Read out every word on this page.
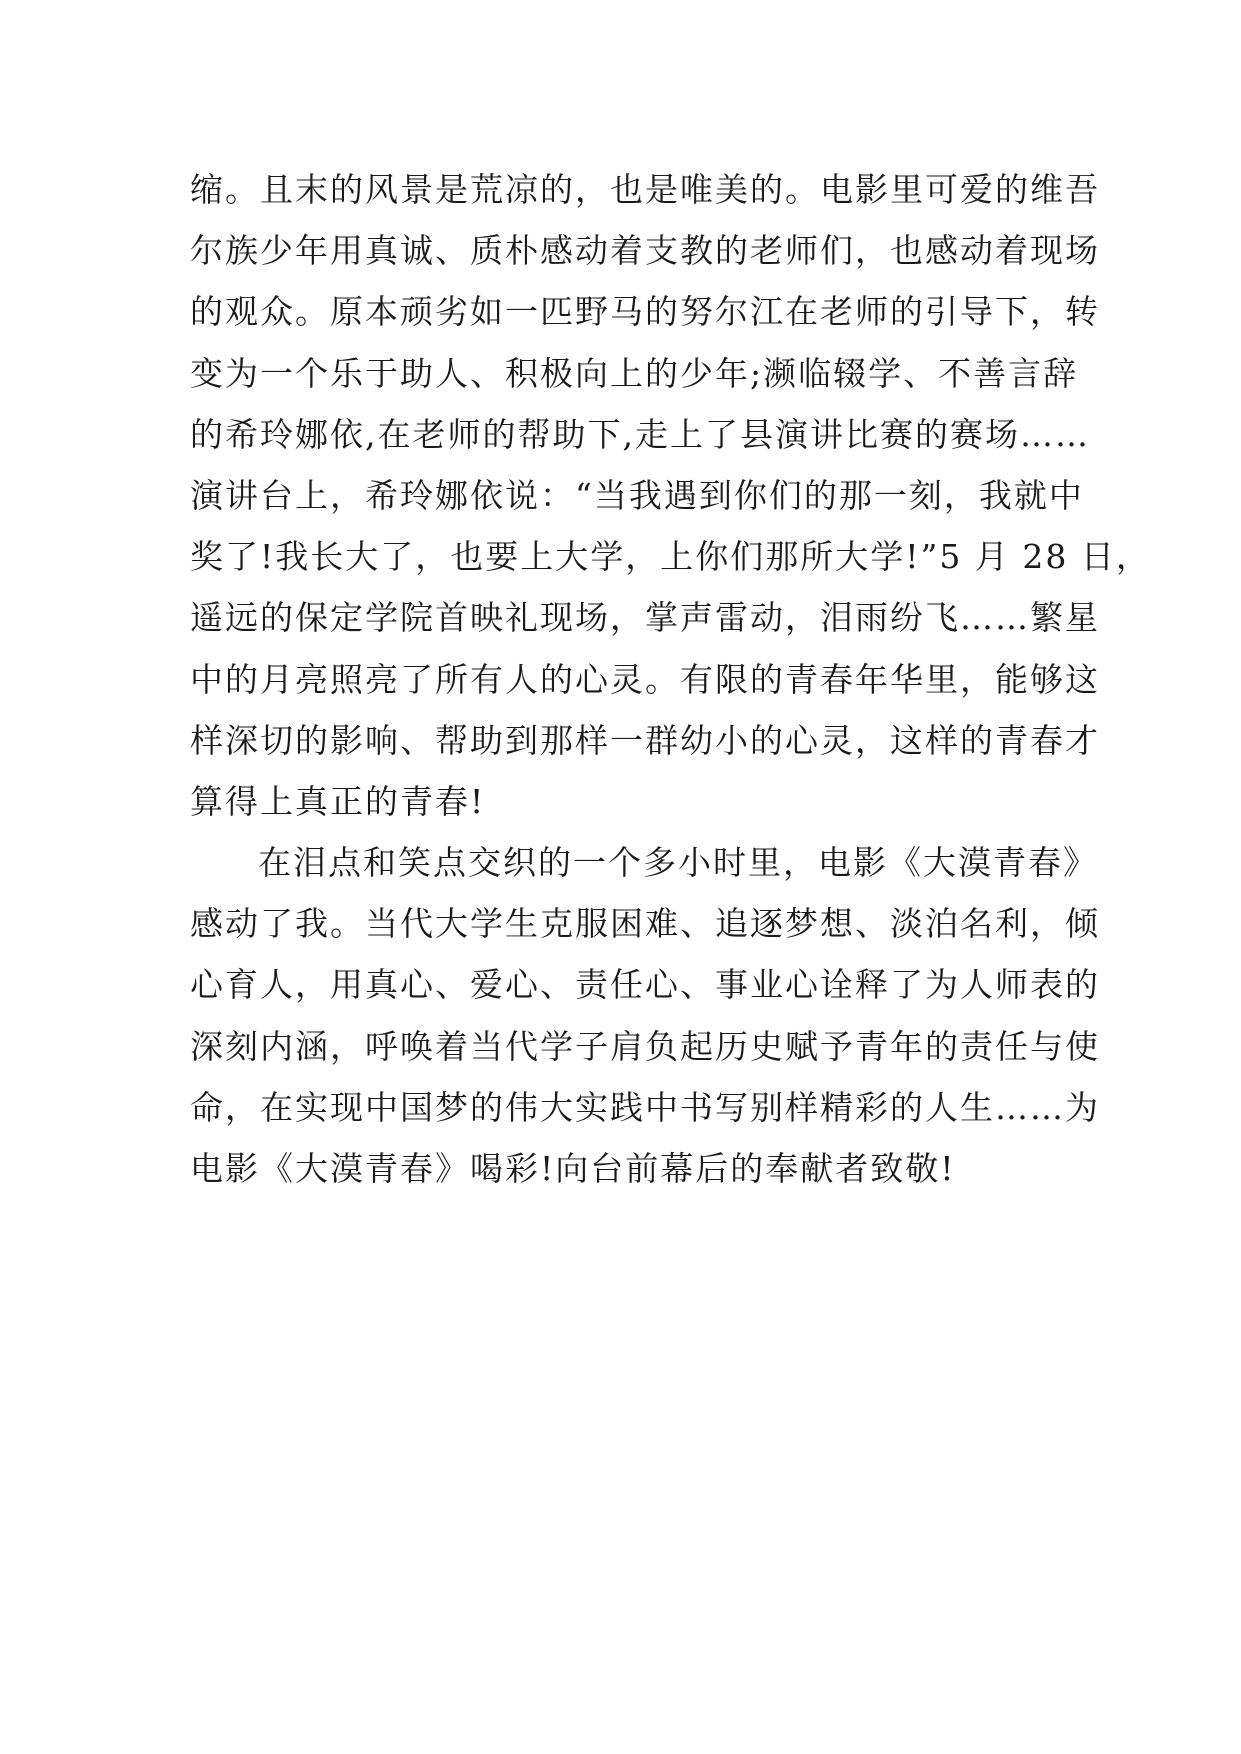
缩。且末的风景是荒凉的，也是唯美的。电影里可爱的维吾
尔族少年用真诚、质朴感动着支教的老师们，也感动着现场
的观众。原本顽劣如一匹野马的努尔江在老师的引导下，转
变为一个乐于助人、积极向上的少年;濒临辍学、不善言辞
的希玲娜依,在老师的帮助下,走上了县演讲比赛的赛场……
演讲台上，希玲娜依说：“当我遇到你们的那一刻，我就中
奖了!我长大了，也要上大学，上你们那所大学!”5 月 28 日，
遥远的保定学院首映礼现场，掌声雷动，泪雨纷飞……繁星
中的月亮照亮了所有人的心灵。有限的青春年华里，能够这
样深切的影响、帮助到那样一群幼小的心灵，这样的青春才
算得上真正的青春!
在泪点和笑点交织的一个多小时里，电影《大漠青春》
感动了我。当代大学生克服困难、追逐梦想、淡泊名利，倾
心育人，用真心、爱心、责任心、事业心诠释了为人师表的
深刻内涵，呼唤着当代学子肩负起历史赋予青年的责任与使
命，在实现中国梦的伟大实践中书写别样精彩的人生……为
电影《大漠青春》喝彩!向台前幕后的奉献者致敬!
